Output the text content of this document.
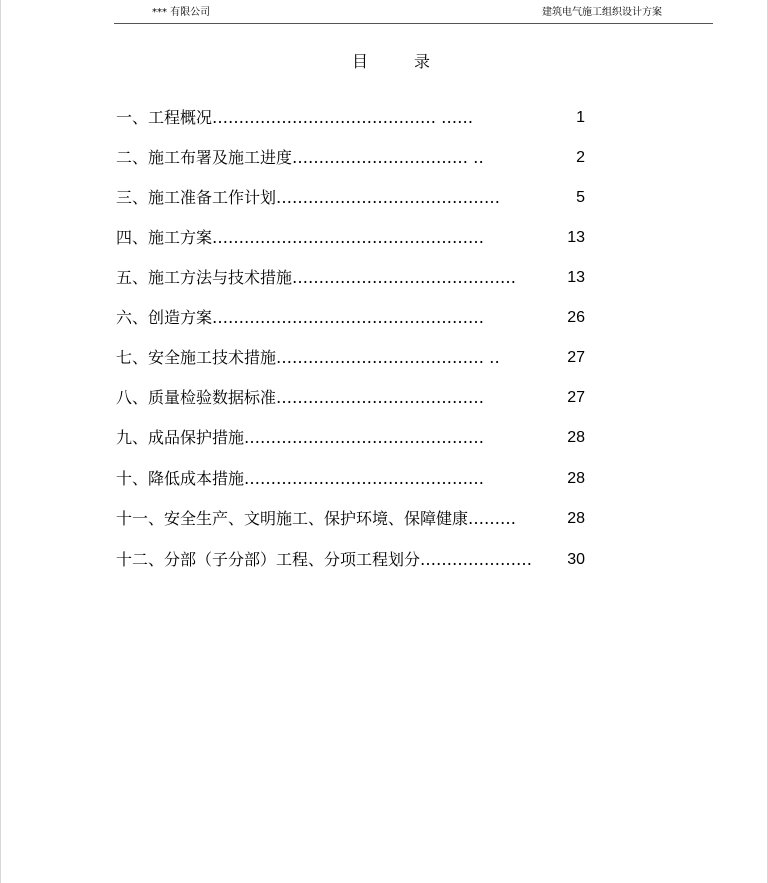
*** 有限公司	建筑电气施工组织设计方案
目录
一、工程概况…………………………………… ……	1
二、施工布署及施工进度…………………………… ‥	2
三、施工准备工作计划……………………………………	5
四、施工方案……………………………………………	13
五、施工方法与技术措施……………………………………	13
六、创造方案……………………………………………	26
七、安全施工技术措施………………………………… ‥	27
八、质量检验数据标准…………………………………	27
九、成品保护措施………………………………………	28
十、降低成本措施………………………………………	28
十一、安全生产、文明施工、保护环境、保障健康………	28
十二、分部（子分部）工程、分项工程划分………………… 30
